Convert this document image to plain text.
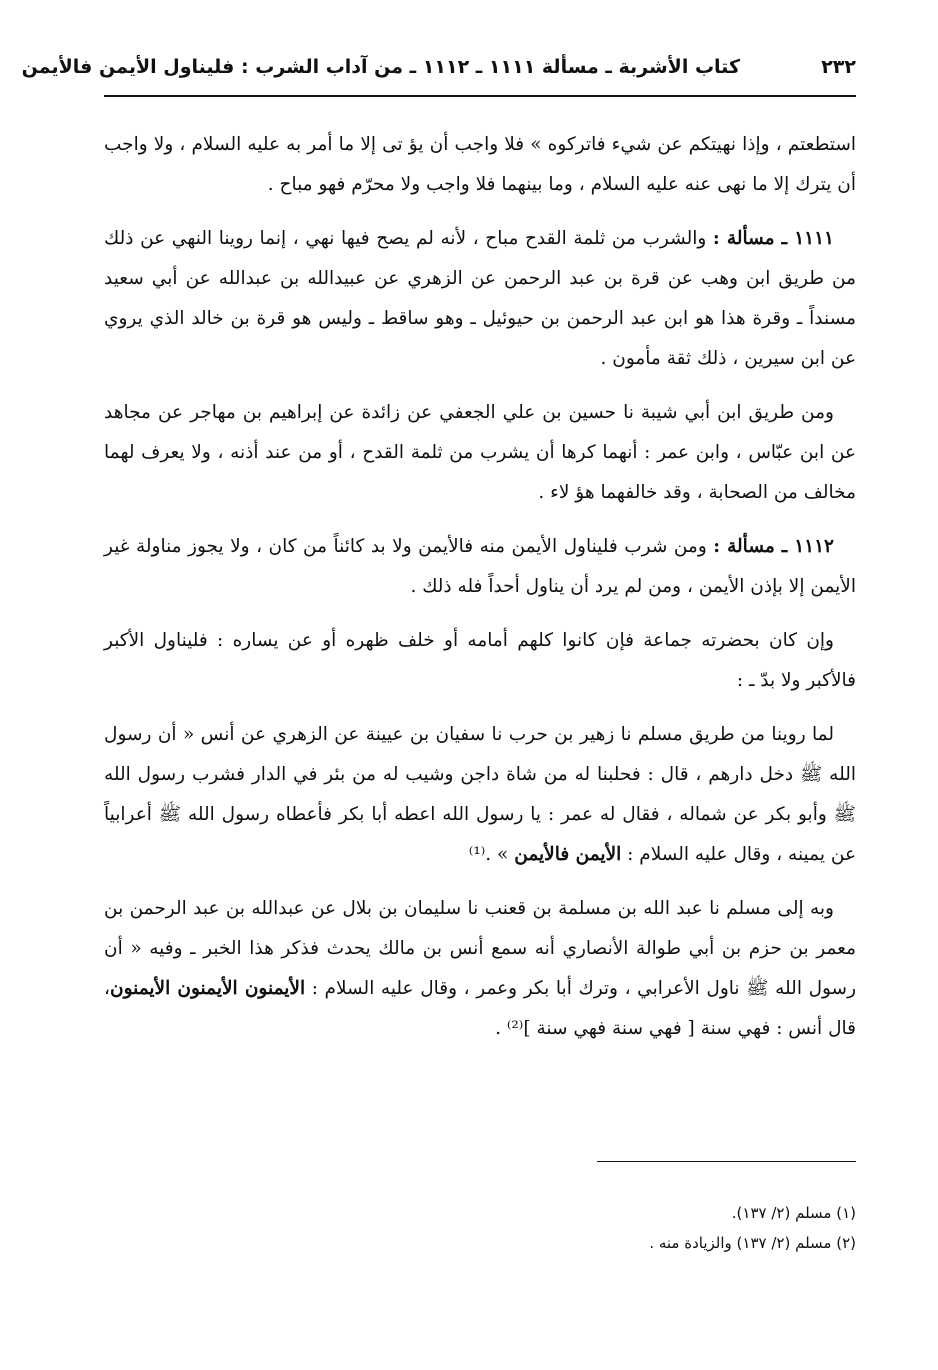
٢٣٢
كتاب الأشربة ـ مسألة ١١١١ ـ ١١١٢ ـ من آداب الشرب : فليناول الأيمن فالأيمن

استطعتم ، وإذا نهيتكم عن شيء فاتركوه » فلا واجب أن يؤ تى إلا ما أمر به عليه السلام ، ولا واجب أن يترك إلا ما نهى عنه عليه السلام ، وما بينهما فلا واجب ولا محرّم فهو مباح .

١١١١ ـ مسألة : والشرب من ثلمة القدح مباح ، لأنه لم يصح فيها نهي ، إنما روينا النهي عن ذلك من طريق ابن وهب عن قرة بن عبد الرحمن عن الزهري عن عبيدالله بن عبدالله عن أبي سعيد مسنداً ـ وقرة هذا هو ابن عبد الرحمن بن حيوئيل ـ وهو ساقط ـ وليس هو قرة بن خالد الذي يروي عن ابن سيرين ، ذلك ثقة مأمون .

ومن طريق ابن أبي شيبة نا حسين بن علي الجعفي عن زائدة عن إبراهيم بن مهاجر عن مجاهد عن ابن عبّاس ، وابن عمر : أنهما كرها أن يشرب من ثلمة القدح ، أو من عند أذنه ، ولا يعرف لهما مخالف من الصحابة ، وقد خالفهما هؤ لاء .

١١١٢ ـ مسألة : ومن شرب فليناول الأيمن منه فالأيمن ولا بد كائناً من كان ، ولا يجوز مناولة غير الأيمن إلا بإذن الأيمن ، ومن لم يرد أن يناول أحداً فله ذلك .

وإن كان بحضرته جماعة فإن كانوا كلهم أمامه أو خلف ظهره أو عن يساره : فليناول الأكبر فالأكبر ولا بدّ ـ :

لما روينا من طريق مسلم نا زهير بن حرب نا سفيان بن عيينة عن الزهري عن أنس « أن رسول الله ﷺ دخل دارهم ، قال : فحلبنا له من شاة داجن وشيب له من بئر في الدار فشرب رسول الله ﷺ وأبو بكر عن شماله ، فقال له عمر : يا رسول الله اعطه أبا بكر فأعطاه رسول الله ﷺ أعرابياً عن يمينه ، وقال عليه السلام : الأيمن فالأيمن » .⁽¹⁾

وبه إلى مسلم نا عبد الله بن مسلمة بن قعنب نا سليمان بن بلال عن عبدالله بن عبد الرحمن بن معمر بن حزم بن أبي طوالة الأنصاري أنه سمع أنس بن مالك يحدث فذكر هذا الخبر ـ وفيه « أن رسول الله ﷺ ناول الأعرابي ، وترك أبا بكر وعمر ، وقال عليه السلام : الأيمنون الأيمنون الأيمنون، قال أنس : فهي سنة [ فهي سنة فهي سنة ]⁽²⁾ .

(١) مسلم (٢/ ١٣٧).

(٢) مسلم (٢/ ١٣٧) والزيادة منه .
